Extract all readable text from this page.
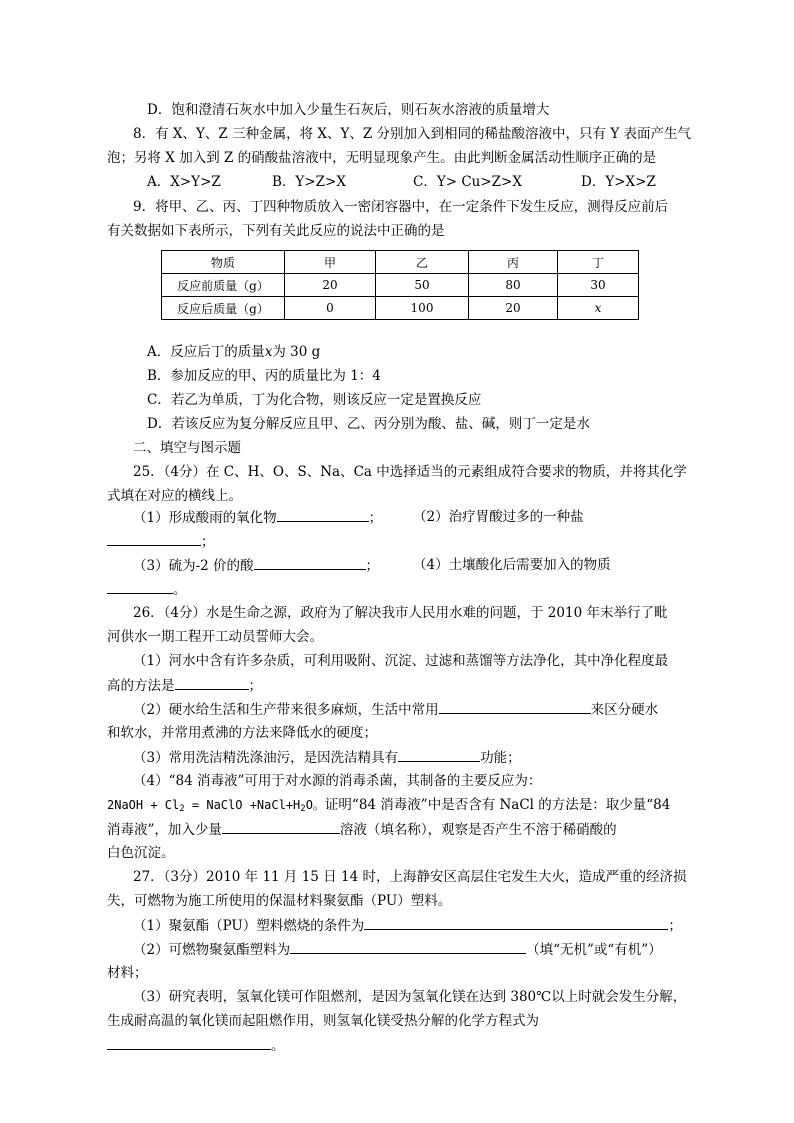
D．饱和澄清石灰水中加入少量生石灰后，则石灰水溶液的质量增大
8．有 X、Y、Z 三种金属，将 X、Y、Z 分别加入到相同的稀盐酸溶液中，只有 Y 表面产生气
泡；另将 X 加入到 Z 的硝酸盐溶液中，无明显现象产生。由此判断金属活动性顺序正确的是
A．X>Y>Z	B．Y>Z>X	C．Y> Cu>Z>X	D．Y>X>Z
9．将甲、乙、丙、丁四种物质放入一密闭容器中，在一定条件下发生反应，测得反应前后
有关数据如下表所示，下列有关此反应的说法中正确的是
物质	甲	乙	丙	丁
反应前质量（g）	20	50	80	30
反应后质量（g）	0	100	20	x
A．反应后丁的质量x为 30 g
B．参加反应的甲、丙的质量比为 1：4
C．若乙为单质，丁为化合物，则该反应一定是置换反应
D．若该反应为复分解反应且甲、乙、丙分别为酸、盐、碱，则丁一定是水
二、填空与图示题
25．（4分）在 C、H、O、S、Na、Ca 中选择适当的元素组成符合要求的物质，并将其化学
式填在对应的横线上。
（1）形成酸雨的氧化物	； （2）治疗胃酸过多的一种盐
；
（3）硫为-2 价的酸	；	（4）土壤酸化后需要加入的物质
。
26．（4分）水是生命之源，政府为了解决我市人民用水难的问题，于 2010 年末举行了毗
河供水一期工程开工动员誓师大会。
（1）河水中含有许多杂质，可利用吸附、沉淀、过滤和蒸馏等方法净化，其中净化程度最
高的方法是	；
（2）硬水给生活和生产带来很多麻烦，生活中常用	来区分硬水
和软水，并常用煮沸的方法来降低水的硬度；
（3）常用洗洁精洗涤油污，是因洗洁精具有	功能；
（4）“84 消毒液”可用于对水源的消毒杀菌，其制备的主要反应为：
2NaOH + $Cl_2$ = NaClO $+NaCl+H_2O$。证明“84 消毒液”中是否含有 NaCl 的方法是：取少量“84
消毒液”，加入少量	溶液（填名称），观察是否产生不溶于稀硝酸的
白色沉淀。
27．（3分）2010 年 11 月 15 日 14 时，上海静安区高层住宅发生大火，造成严重的经济损
失，可燃物为施工所使用的保温材料聚氨酯（PU）塑料。
（1）聚氨酯（PU）塑料燃烧的条件为	；
（2）可燃物聚氨酯塑料为	（填“无机”或“有机”）
材料；
（3）研究表明，氢氧化镁可作阻燃剂，是因为氢氧化镁在达到 380℃以上时就会发生分解，
生成耐高温的氧化镁而起阻燃作用，则氢氧化镁受热分解的化学方程式为
。
